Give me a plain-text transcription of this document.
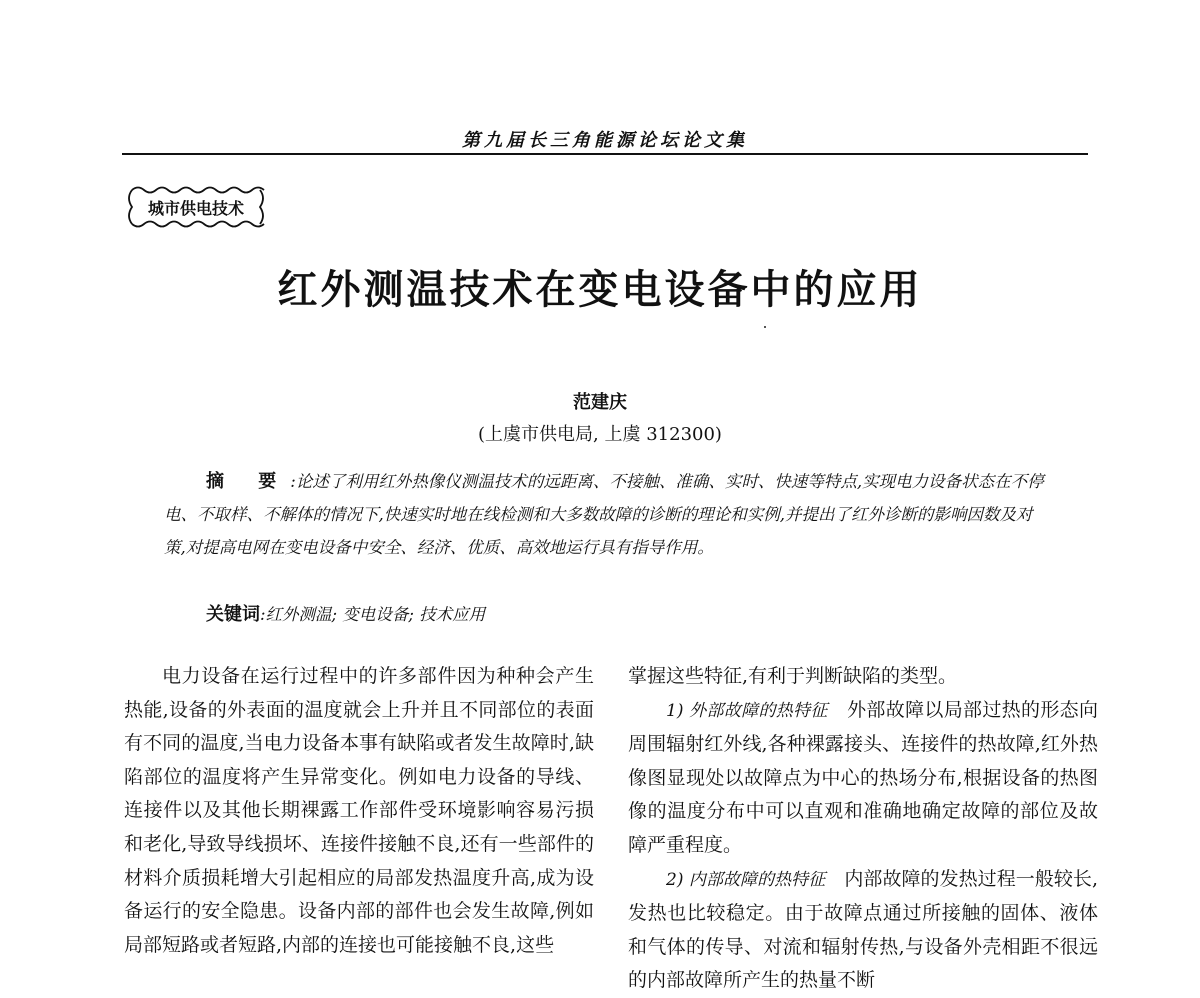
第九届长三角能源论坛论文集
城市供电技术
红外测温技术在变电设备中的应用
范建庆
(上虞市供电局, 上虞 312300)
摘 要:论述了利用红外热像仪测温技术的远距离、不接触、准确、实时、快速等特点,实现电力设备状态在不停电、不取样、不解体的情况下,快速实时地在线检测和大多数故障的诊断的理论和实例,并提出了红外诊断的影响因数及对策,对提高电网在变电设备中安全、经济、优质、高效地运行具有指导作用。
关键词:红外测温; 变电设备; 技术应用

电力设备在运行过程中的许多部件因为种种会产生热能,设备的外表面的温度就会上升并且不同部位的表面有不同的温度,当电力设备本事有缺陷或者发生故障时,缺陷部位的温度将产生异常变化。例如电力设备的导线、连接件以及其他长期裸露工作部件受环境影响容易污损和老化,导致导线损坏、连接件接触不良,还有一些部件的材料介质损耗增大引起相应的局部发热温度升高,成为设备运行的安全隐患。设备内部的部件也会发生故障,例如局部短路或者短路,内部的连接也可能接触不良,这些

掌握这些特征,有利于判断缺陷的类型。

1) 外部故障的热特征　 外部故障以局部过热的形态向周围辐射红外线,各种裸露接头、连接件的热故障,红外热像图显现处以故障点为中心的热场分布,根据设备的热图像的温度分布中可以直观和准确地确定故障的部位及故障严重程度。

2) 内部故障的热特征　 内部故障的发热过程一般较长,发热也比较稳定。由于故障点通过所接触的固体、液体和气体的传导、对流和辐射传热,与设备外壳相距不很远的内部故障所产生的热量不断
